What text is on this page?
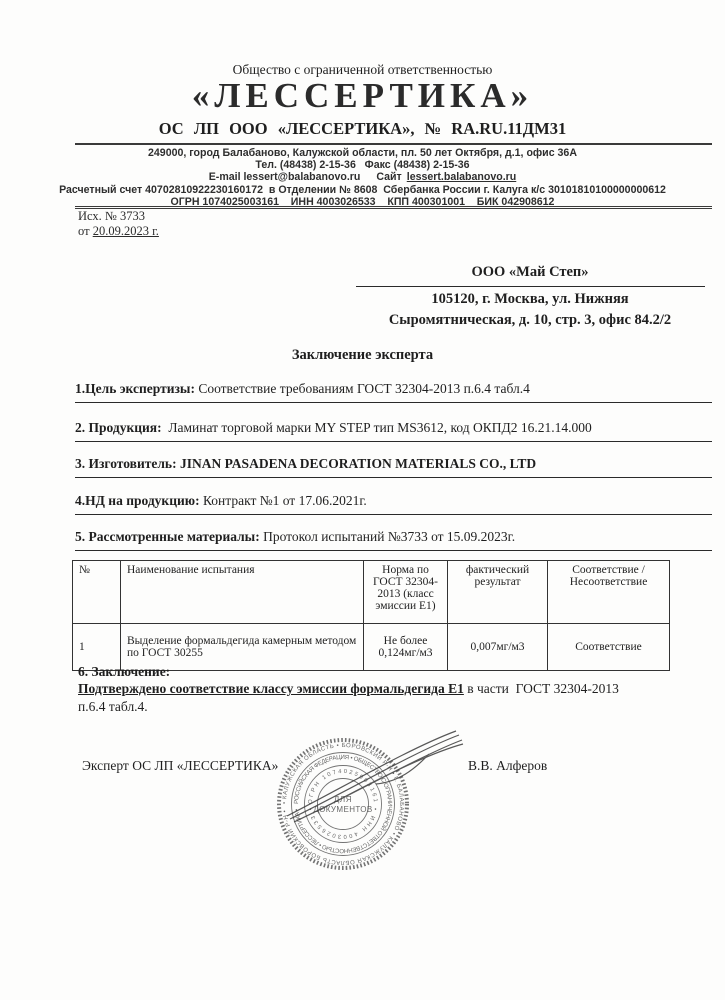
Общество с ограниченной ответственностью
«ЛЕССЕРТИКА»
ОС ЛП ООО «ЛЕССЕРТИКА», № RA.RU.11ДМ31
249000, город Балабаново, Калужской области, пл. 50 лет Октября, д.1, офис 36А
Тел. (48438) 2-15-36   Факс (48438) 2-15-36
E-mail lessert@balabanovo.ru Сайт lessert.balabanovo.ru
Расчетный счет 40702810922230160172  в Отделении № 8608  Сбербанка России г. Калуга к/с 30101810100000000612
ОГРН 1074025003161    ИНН 4003026533    КПП 400301001    БИК 042908612
Исх. № 3733
от 20.09.2023 г.
ООО «Май Степ»
105120, г. Москва, ул. Нижняя
Сыромятническая, д. 10, стр. 3, офис 84.2/2
Заключение эксперта
1.Цель экспертизы: Соответствие требованиям ГОСТ 32304-2013 п.6.4 табл.4
2. Продукция:  Ламинат торговой марки MY STEP тип MS3612, код ОКПД2 16.21.14.000
3. Изготовитель: JINAN PASADENA DECORATION MATERIALS CO., LTD
4.НД на продукцию: Контракт №1 от 17.06.2021г.
5. Рассмотренные материалы: Протокол испытаний №3733 от 15.09.2023г.
№	Наименование испытания	Норма по ГОСТ 32304-2013 (класс эмиссии Е1)	фактический результат	Соответствие / Несоответствие
1	Выделение формальдегида камерным методом по ГОСТ 30255	Не более 0,124мг/м3	0,007мг/м3	Соответствие
6. Заключение:
Подтверждено соответствие классу эмиссии формальдегида Е1 в части  ГОСТ 32304-2013
п.6.4 табл.4.
Эксперт ОС ЛП «ЛЕССЕРТИКА»	В.В. Алферов
• КАЛУЖСКАЯ ОБЛАСТЬ • БОРОВСКИЙ Р-Н • Г. БАЛАБАНОВО • КАЛУЖСКАЯ ОБЛАСТЬ БОРОВСКИЙ Р-Н •
РОССИЙСКАЯ ФЕДЕРАЦИЯ • ОБЩЕСТВО С ОГРАНИЧЕННОЙ ОТВЕТСТВЕННОСТЬЮ • ЛЕССЕРТИКА •
ОГРН 1074025003161 • ИНН 4003026533 •
ДЛЯ
ДОКУМЕНТОВ
